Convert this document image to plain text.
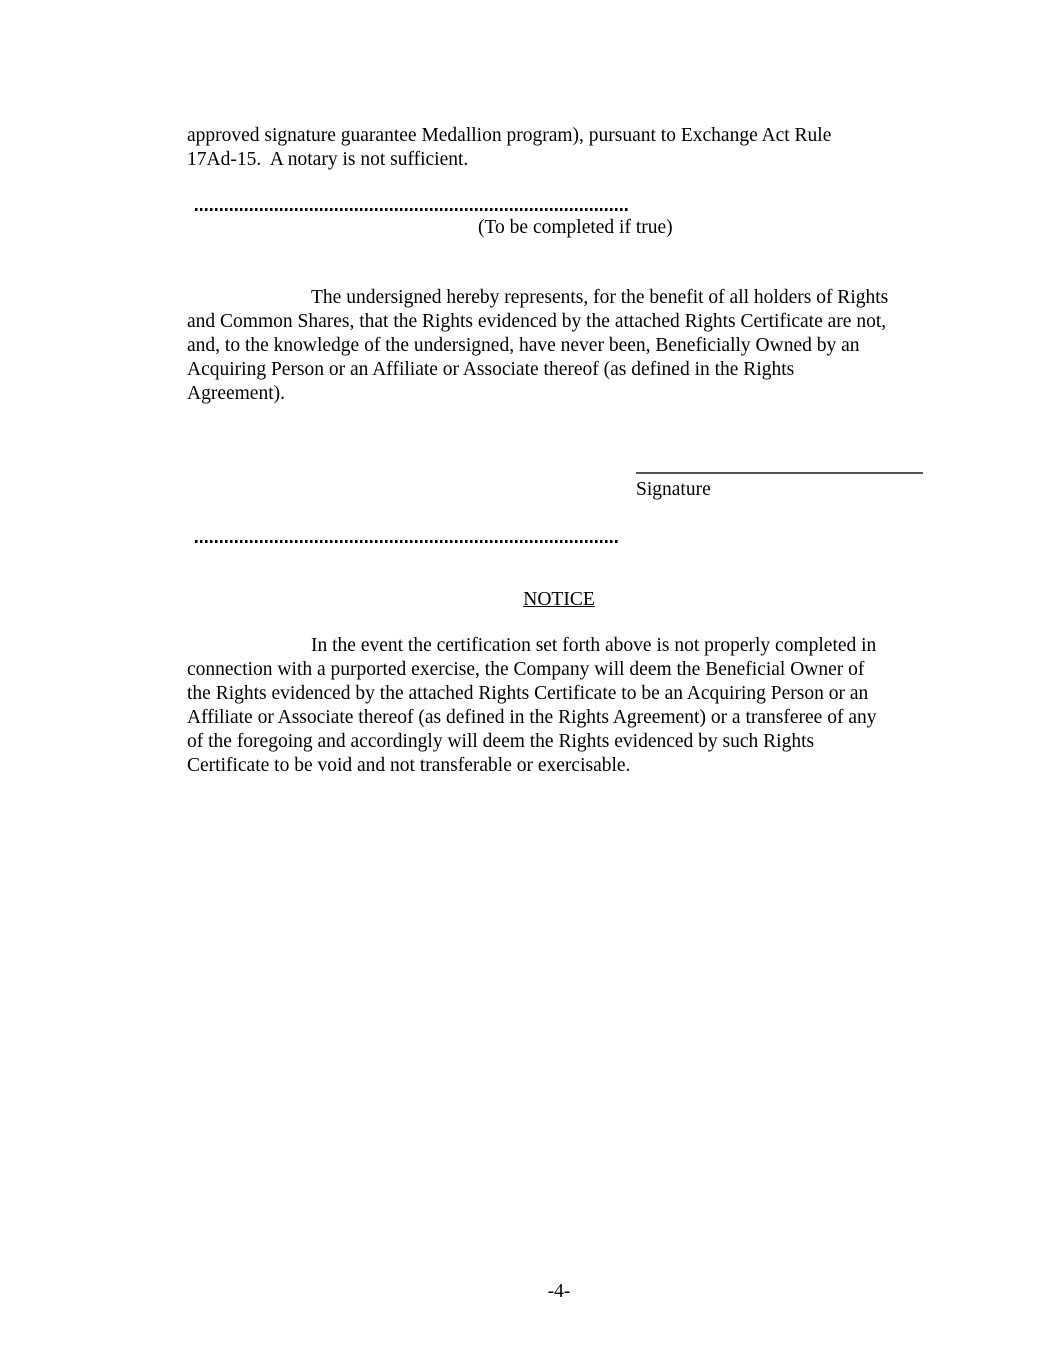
approved signature guarantee Medallion program), pursuant to Exchange Act Rule
17Ad-15.  A notary is not sufficient.
(To be completed if true)
The undersigned hereby represents, for the benefit of all holders of Rights
and Common Shares, that the Rights evidenced by the attached Rights Certificate are not,
and, to the knowledge of the undersigned, have never been, Beneficially Owned by an
Acquiring Person or an Affiliate or Associate thereof (as defined in the Rights
Agreement).
Signature
NOTICE
In the event the certification set forth above is not properly completed in
connection with a purported exercise, the Company will deem the Beneficial Owner of
the Rights evidenced by the attached Rights Certificate to be an Acquiring Person or an
Affiliate or Associate thereof (as defined in the Rights Agreement) or a transferee of any
of the foregoing and accordingly will deem the Rights evidenced by such Rights
Certificate to be void and not transferable or exercisable.
-4-
